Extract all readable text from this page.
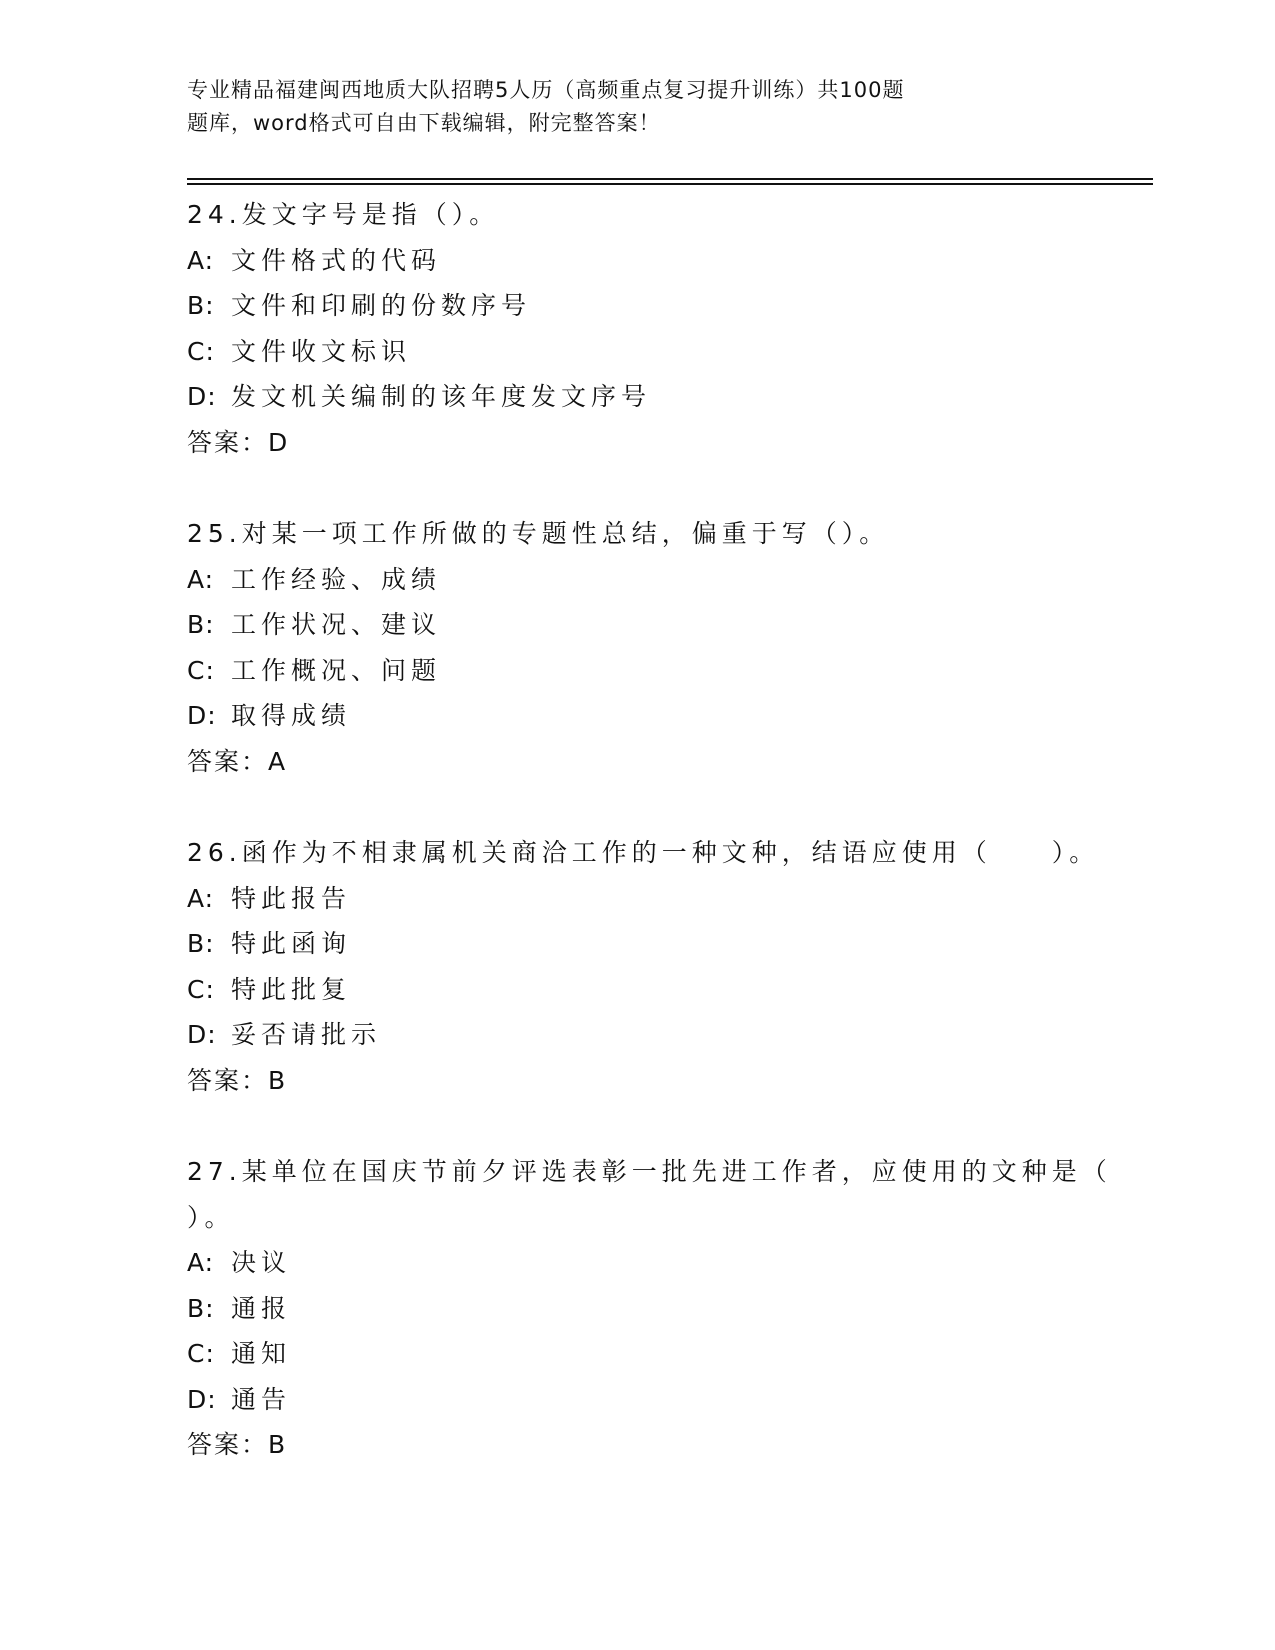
专业精品福建闽西地质大队招聘5人历（高频重点复习提升训练）共100题
题库，word格式可自由下载编辑，附完整答案！
24.发文字号是指（）。
A: 文件格式的代码
B: 文件和印刷的份数序号
C: 文件收文标识
D: 发文机关编制的该年度发文序号
答案：D
25.对某一项工作所做的专题性总结，偏重于写（）。
A: 工作经验、成绩
B: 工作状况、建议
C: 工作概况、问题
D: 取得成绩
答案：A
26.函作为不相隶属机关商洽工作的一种文种，结语应使用（　　）。
A: 特此报告
B: 特此函询
C: 特此批复
D: 妥否请批示
答案：B
27.某单位在国庆节前夕评选表彰一批先进工作者，应使用的文种是（
）。
A: 决议
B: 通报
C: 通知
D: 通告
答案：B
